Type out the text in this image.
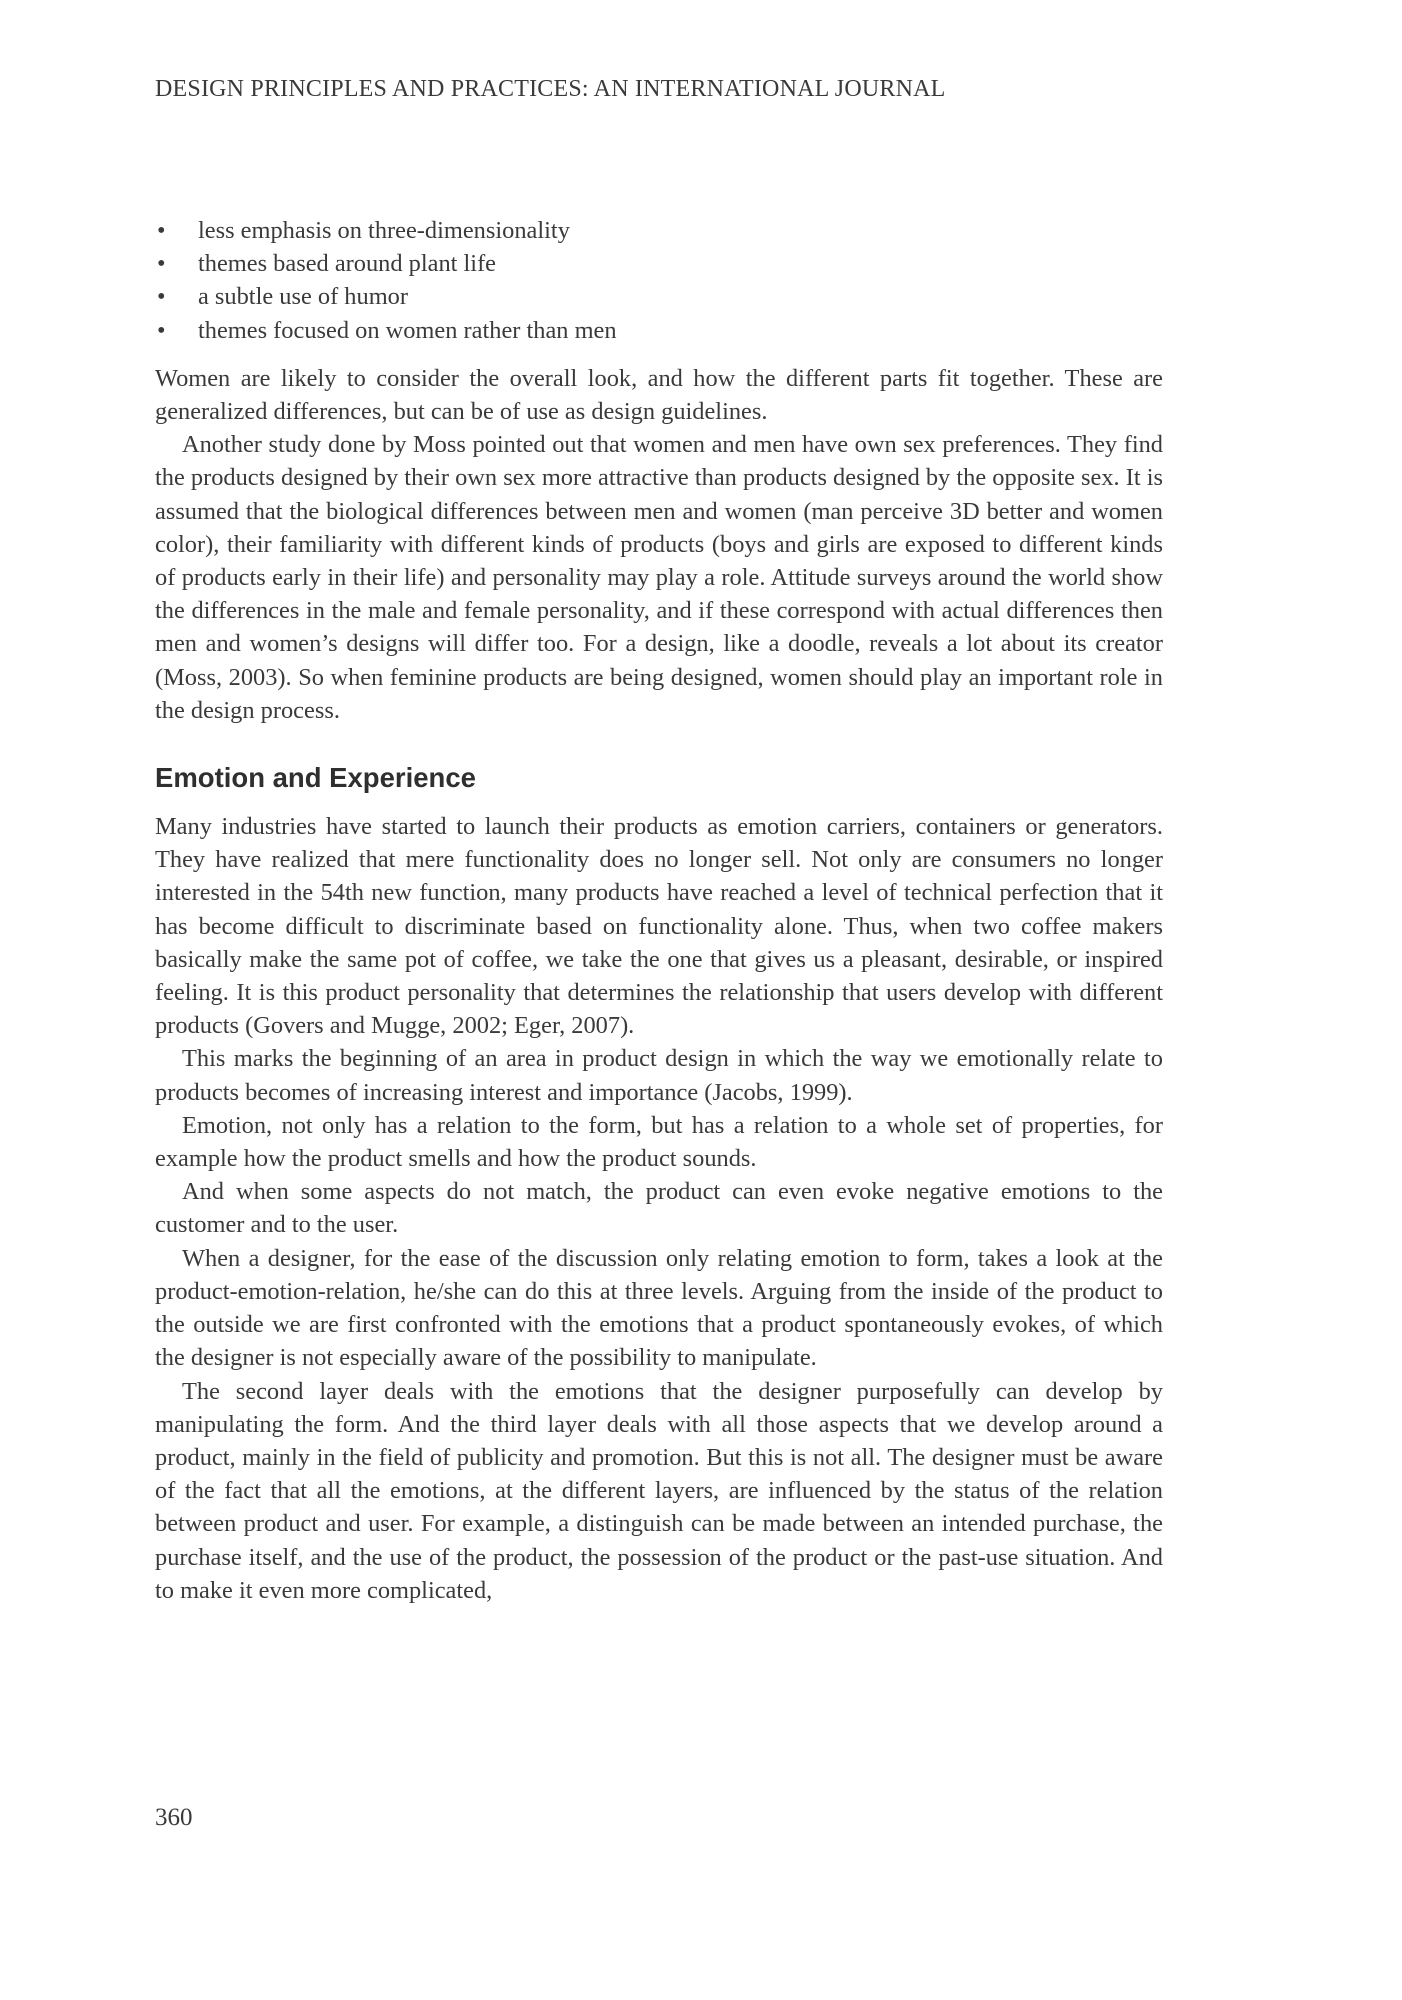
DESIGN PRINCIPLES AND PRACTICES: AN INTERNATIONAL JOURNAL
• less emphasis on three-dimensionality
• themes based around plant life
• a subtle use of humor
• themes focused on women rather than men

Women are likely to consider the overall look, and how the different parts fit together. These are generalized differences, but can be of use as design guidelines.

Another study done by Moss pointed out that women and men have own sex preferences. They find the products designed by their own sex more attractive than products designed by the opposite sex. It is assumed that the biological differences between men and women (man perceive 3D better and women color), their familiarity with different kinds of products (boys and girls are exposed to different kinds of products early in their life) and personality may play a role. Attitude surveys around the world show the differences in the male and female personality, and if these correspond with actual differences then men and women’s designs will differ too. For a design, like a doodle, reveals a lot about its creator (Moss, 2003). So when feminine products are being designed, women should play an important role in the design process.

Emotion and Experience

Many industries have started to launch their products as emotion carriers, containers or generators. They have realized that mere functionality does no longer sell. Not only are consumers no longer interested in the 54th new function, many products have reached a level of technical perfection that it has become difficult to discriminate based on functionality alone. Thus, when two coffee makers basically make the same pot of coffee, we take the one that gives us a pleasant, desirable, or inspired feeling. It is this product personality that determines the relationship that users develop with different products (Govers and Mugge, 2002; Eger, 2007).

This marks the beginning of an area in product design in which the way we emotionally relate to products becomes of increasing interest and importance (Jacobs, 1999).

Emotion, not only has a relation to the form, but has a relation to a whole set of properties, for example how the product smells and how the product sounds.

And when some aspects do not match, the product can even evoke negative emotions to the customer and to the user.

When a designer, for the ease of the discussion only relating emotion to form, takes a look at the product-emotion-relation, he/she can do this at three levels. Arguing from the inside of the product to the outside we are first confronted with the emotions that a product spontaneously evokes, of which the designer is not especially aware of the possibility to manipulate.

The second layer deals with the emotions that the designer purposefully can develop by manipulating the form. And the third layer deals with all those aspects that we develop around a product, mainly in the field of publicity and promotion. But this is not all. The designer must be aware of the fact that all the emotions, at the different layers, are influenced by the status of the relation between product and user. For example, a distinguish can be made between an intended purchase, the purchase itself, and the use of the product, the possession of the product or the past-use situation. And to make it even more complicated,

360
